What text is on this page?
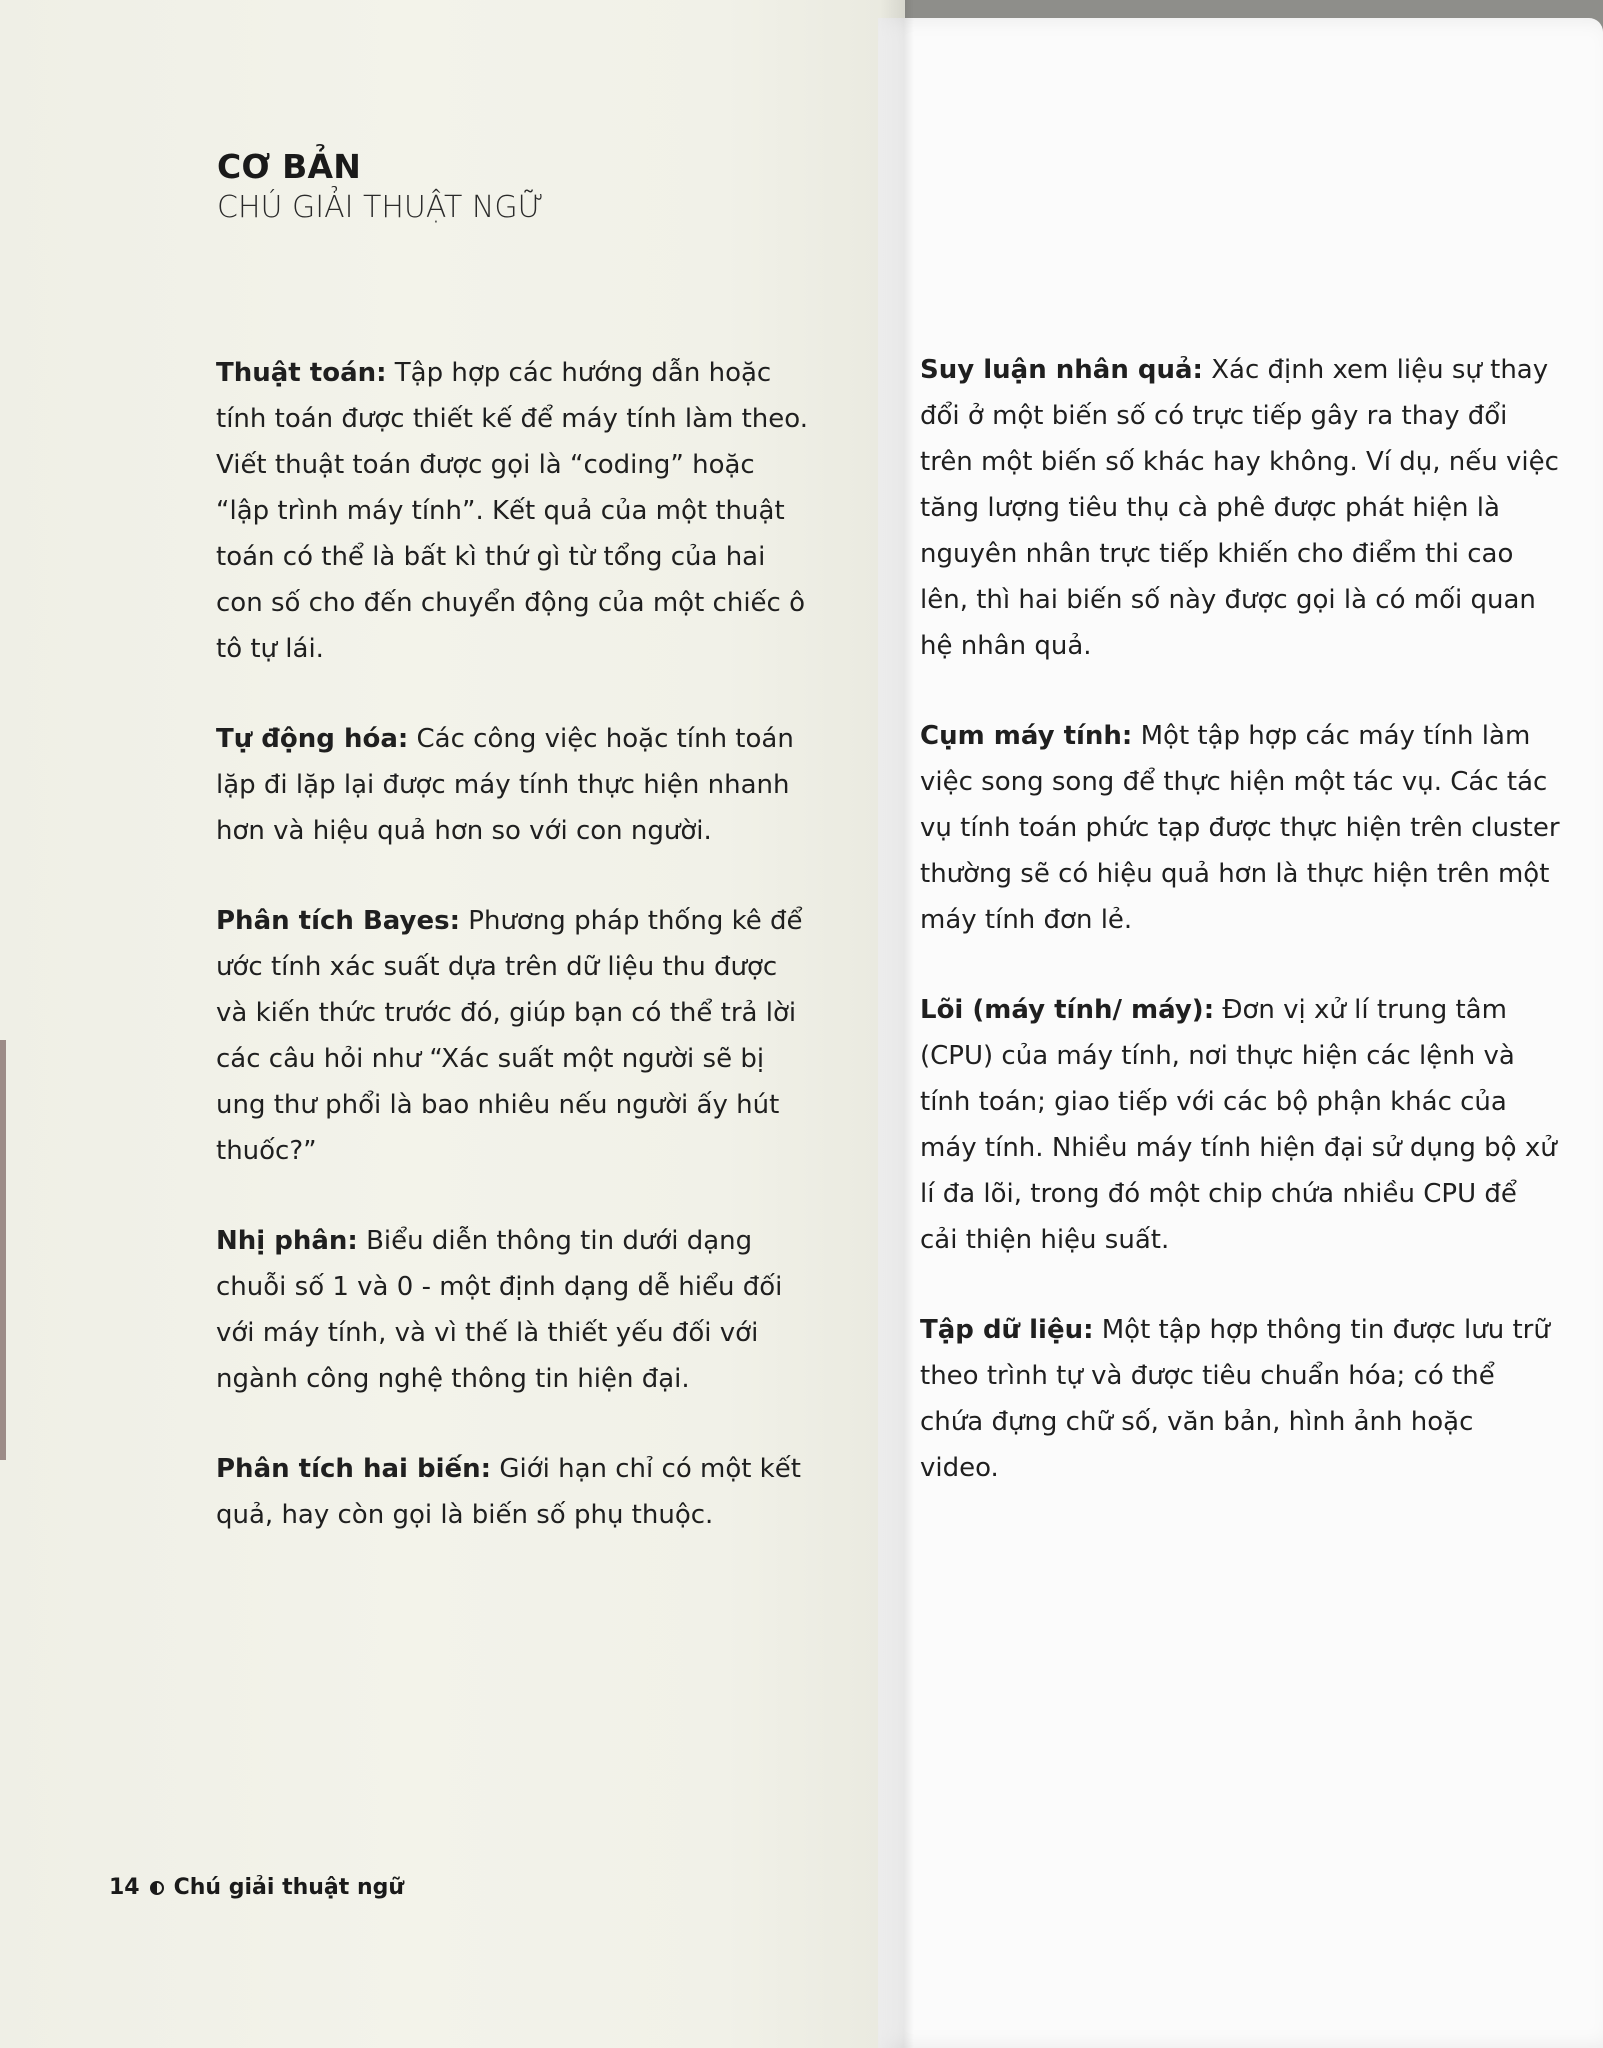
CƠ BẢN
CHÚ GIẢI THUẬT NGỮ

Thuật toán: Tập hợp các hướng dẫn hoặc tính toán được thiết kế để máy tính làm theo. Viết thuật toán được gọi là “coding” hoặc “lập trình máy tính”. Kết quả của một thuật toán có thể là bất kì thứ gì từ tổng của hai con số cho đến chuyển động của một chiếc ô tô tự lái.

Tự động hóa: Các công việc hoặc tính toán lặp đi lặp lại được máy tính thực hiện nhanh hơn và hiệu quả hơn so với con người.

Phân tích Bayes: Phương pháp thống kê để ước tính xác suất dựa trên dữ liệu thu được và kiến thức trước đó, giúp bạn có thể trả lời các câu hỏi như “Xác suất một người sẽ bị ung thư phổi là bao nhiêu nếu người ấy hút thuốc?”

Nhị phân: Biểu diễn thông tin dưới dạng chuỗi số 1 và 0 - một định dạng dễ hiểu đối với máy tính, và vì thế là thiết yếu đối với ngành công nghệ thông tin hiện đại.

Phân tích hai biến: Giới hạn chỉ có một kết quả, hay còn gọi là biến số phụ thuộc.

Suy luận nhân quả: Xác định xem liệu sự thay đổi ở một biến số có trực tiếp gây ra thay đổi trên một biến số khác hay không. Ví dụ, nếu việc tăng lượng tiêu thụ cà phê được phát hiện là nguyên nhân trực tiếp khiến cho điểm thi cao lên, thì hai biến số này được gọi là có mối quan hệ nhân quả.

Cụm máy tính: Một tập hợp các máy tính làm việc song song để thực hiện một tác vụ. Các tác vụ tính toán phức tạp được thực hiện trên cluster thường sẽ có hiệu quả hơn là thực hiện trên một máy tính đơn lẻ.

Lõi (máy tính/ máy): Đơn vị xử lí trung tâm (CPU) của máy tính, nơi thực hiện các lệnh và tính toán; giao tiếp với các bộ phận khác của máy tính. Nhiều máy tính hiện đại sử dụng bộ xử lí đa lõi, trong đó một chip chứa nhiều CPU để cải thiện hiệu suất.

Tập dữ liệu: Một tập hợp thông tin được lưu trữ theo trình tự và được tiêu chuẩn hóa; có thể chứa đựng chữ số, văn bản, hình ảnh hoặc video.

14 Chú giải thuật ngữ
